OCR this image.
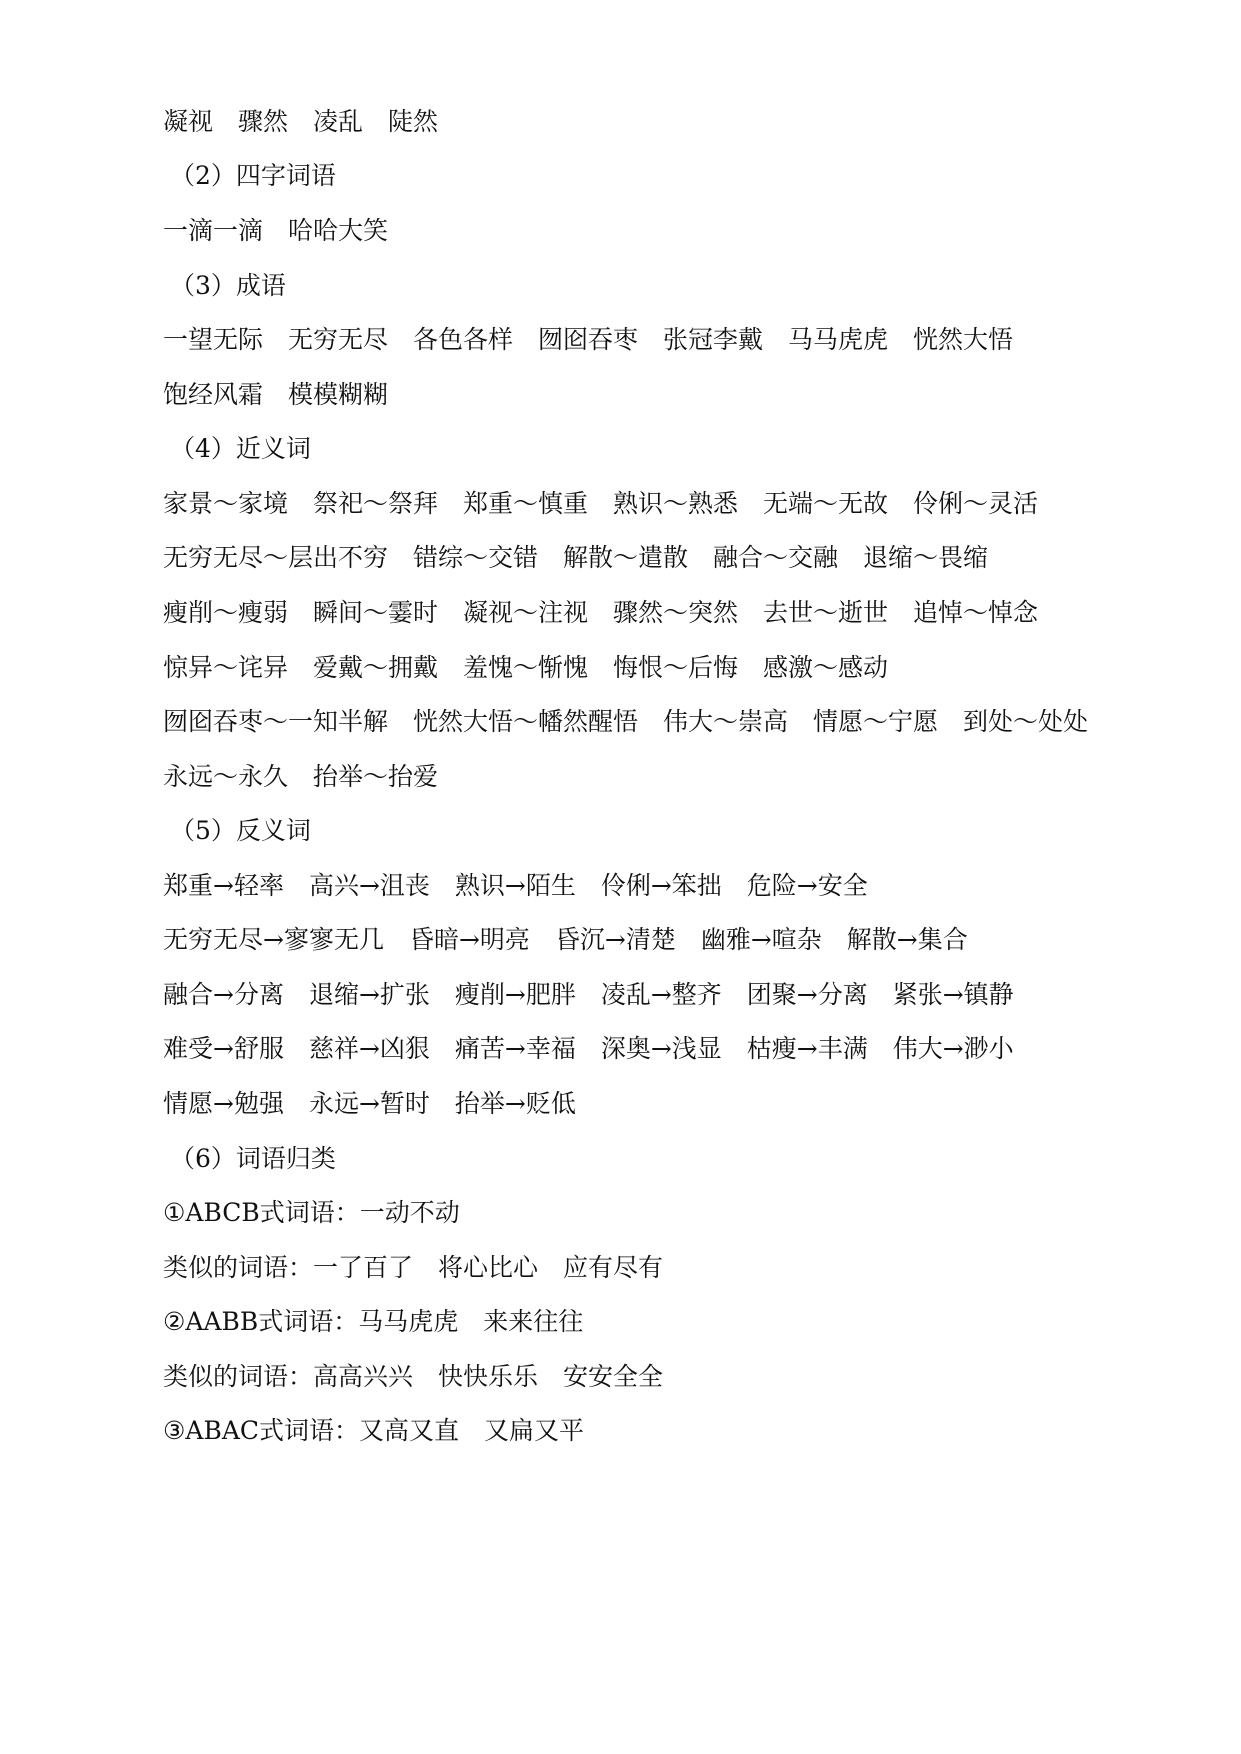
凝视　骤然　凌乱　陡然
（2）四字词语
一滴一滴　哈哈大笑
（3）成语
一望无际　无穷无尽　各色各样　囫囵吞枣　张冠李戴　马马虎虎　恍然大悟
饱经风霜　模模糊糊
（4）近义词
家景～家境　祭祀～祭拜　郑重～慎重　熟识～熟悉　无端～无故　伶俐～灵活
无穷无尽～层出不穷　错综～交错　解散～遣散　融合～交融　退缩～畏缩
瘦削～瘦弱　瞬间～霎时　凝视～注视　骤然～突然　去世～逝世　追悼～悼念
惊异～诧异　爱戴～拥戴　羞愧～惭愧　悔恨～后悔　感激～感动
囫囵吞枣～一知半解　恍然大悟～幡然醒悟　伟大～崇高　情愿～宁愿　到处～处处
永远～永久　抬举～抬爱
（5）反义词
郑重→轻率　高兴→沮丧　熟识→陌生　伶俐→笨拙　危险→安全
无穷无尽→寥寥无几　昏暗→明亮　昏沉→清楚　幽雅→喧杂　解散→集合
融合→分离　退缩→扩张　瘦削→肥胖　凌乱→整齐　团聚→分离　紧张→镇静
难受→舒服　慈祥→凶狠　痛苦→幸福　深奥→浅显　枯瘦→丰满　伟大→渺小
情愿→勉强　永远→暂时　抬举→贬低
（6）词语归类
①ABCB式词语：一动不动
类似的词语：一了百了　将心比心　应有尽有
②AABB式词语：马马虎虎　来来往往
类似的词语：高高兴兴　快快乐乐　安安全全
③ABAC式词语：又高又直　又扁又平
